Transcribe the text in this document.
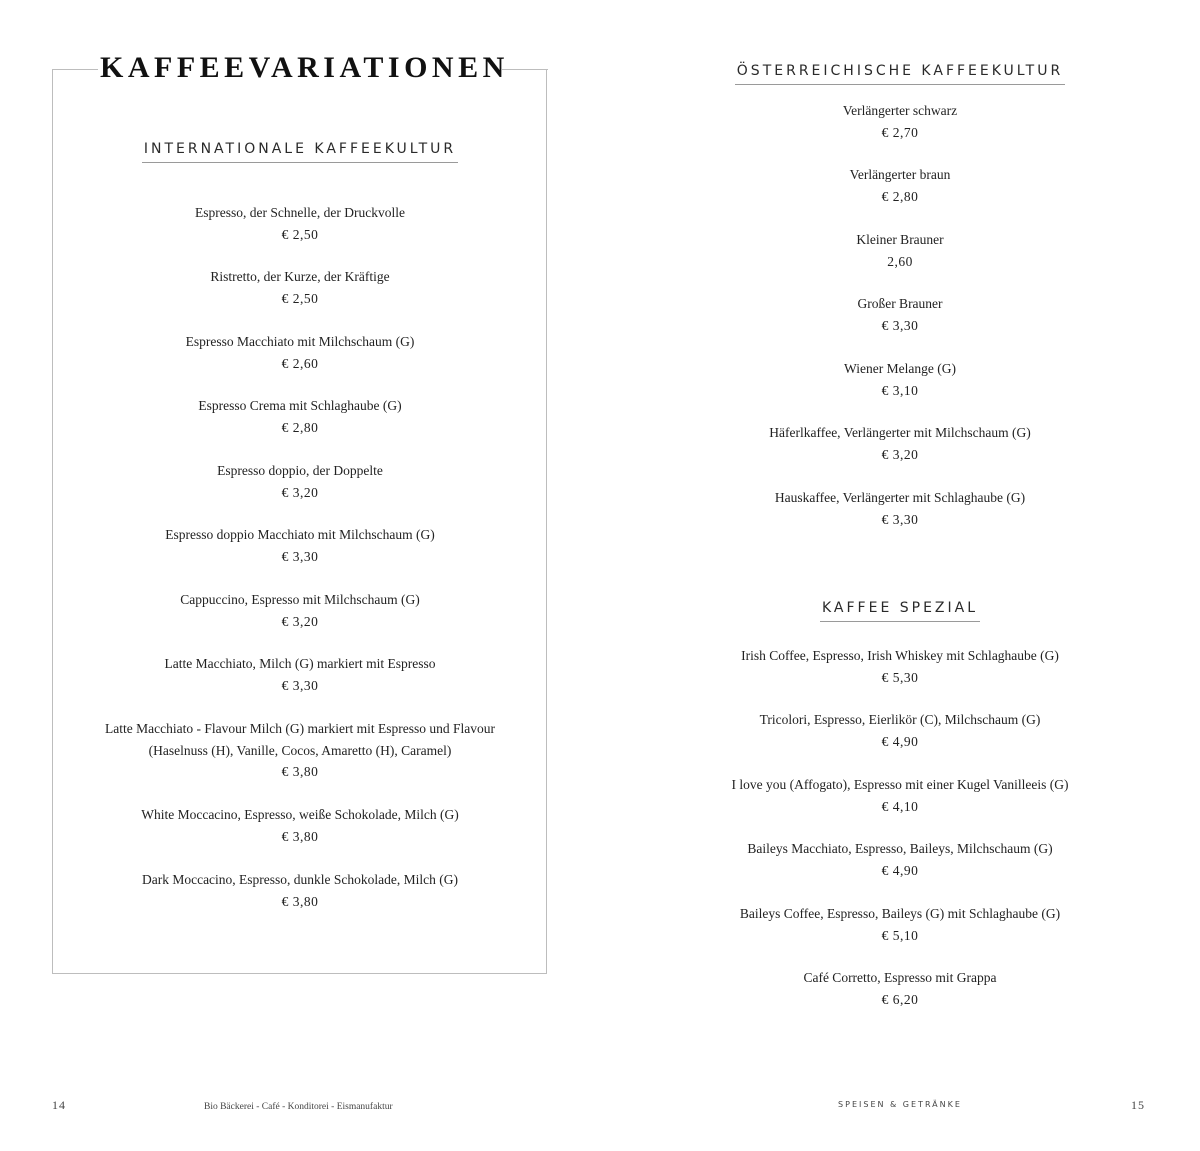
KAFFEEVARIATIONEN
INTERNATIONALE KAFFEEKULTUR
Espresso, der Schnelle, der Druckvolle
€ 2,50
Ristretto, der Kurze, der Kräftige
€ 2,50
Espresso Macchiato mit Milchschaum (G)
€ 2,60
Espresso Crema mit Schlaghaube (G)
€ 2,80
Espresso doppio, der Doppelte
€ 3,20
Espresso doppio Macchiato mit Milchschaum (G)
€ 3,30
Cappuccino, Espresso mit Milchschaum (G)
€ 3,20
Latte Macchiato, Milch (G) markiert mit Espresso
€ 3,30
Latte Macchiato - Flavour Milch (G) markiert mit Espresso und Flavour
(Haselnuss (H), Vanille, Cocos, Amaretto (H), Caramel)
€ 3,80
White Moccacino, Espresso, weiße Schokolade, Milch (G)
€ 3,80
Dark Moccacino, Espresso, dunkle Schokolade, Milch (G)
€ 3,80
ÖSTERREICHISCHE KAFFEEKULTUR
Verlängerter schwarz
€ 2,70
Verlängerter braun
€ 2,80
Kleiner Brauner
2,60
Großer Brauner
€ 3,30
Wiener Melange (G)
€ 3,10
Häferlkaffee, Verlängerter mit Milchschaum (G)
€ 3,20
Hauskaffee, Verlängerter mit Schlaghaube (G)
€ 3,30
KAFFEE SPEZIAL
Irish Coffee, Espresso, Irish Whiskey mit Schlaghaube (G)
€ 5,30
Tricolori, Espresso, Eierlikör (C), Milchschaum (G)
€ 4,90
I love you (Affogato), Espresso mit einer Kugel Vanilleeis (G)
€ 4,10
Baileys Macchiato, Espresso, Baileys, Milchschaum (G)
€ 4,90
Baileys Coffee, Espresso, Baileys (G) mit Schlaghaube (G)
€ 5,10
Café Corretto, Espresso mit Grappa
€ 6,20
14	Bio Bäckerei - Café - Konditorei - Eismanufaktur	SPEISEN & GETRÄNKE	15
